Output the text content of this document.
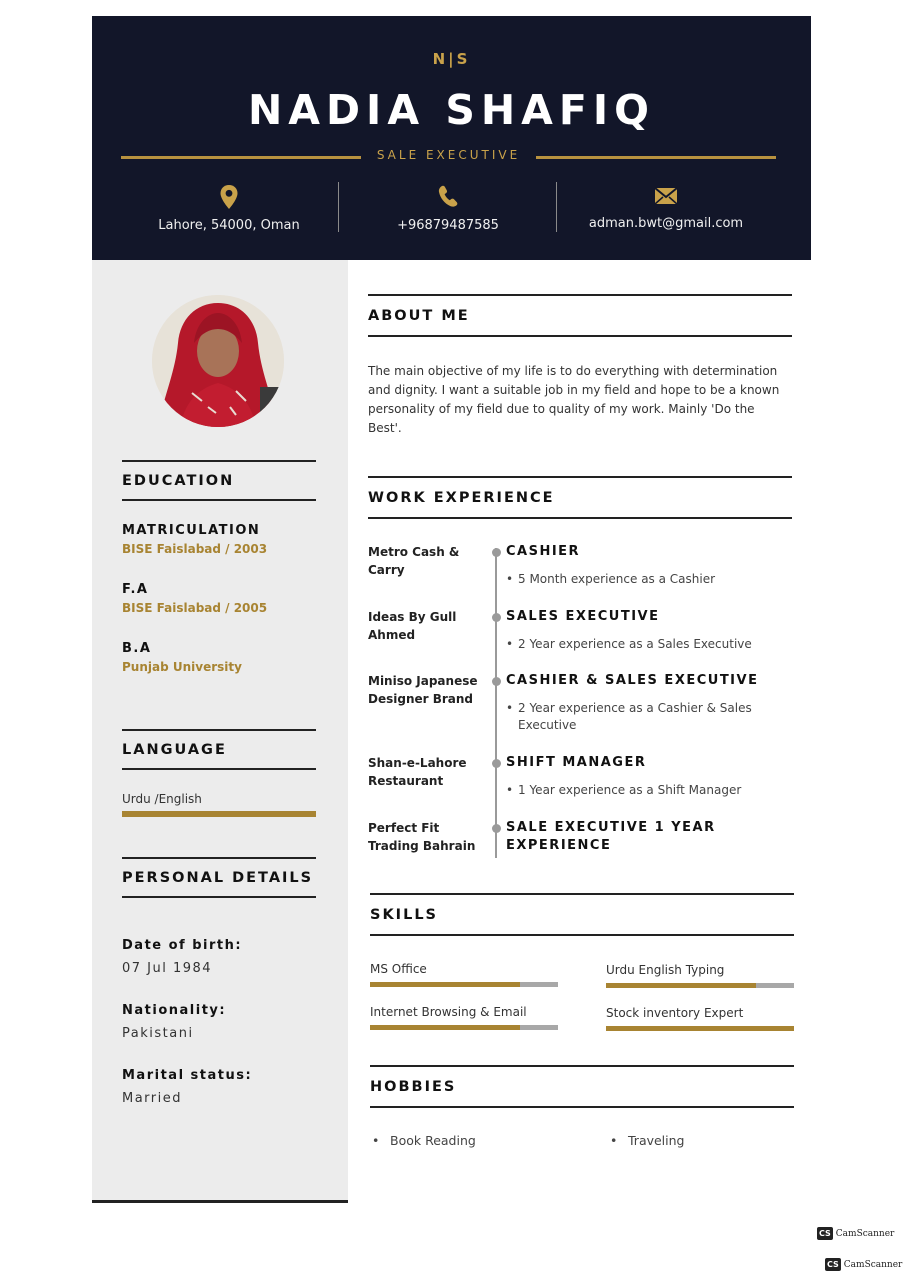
N|S
NADIA SHAFIQ
SALE EXECUTIVE
Lahore, 54000, Oman	+96879487585	adman.bwt@gmail.com
EDUCATION
MATRICULATION
BISE Faislabad / 2003
F.A
BISE Faislabad / 2005
B.A
Punjab University
LANGUAGE
Urdu /English
PERSONAL DETAILS
Date of birth:
07 Jul 1984
Nationality:
Pakistani
Marital status:
Married
ABOUT ME
The main objective of my life is to do everything with determination and dignity. I want a suitable job in my field and hope to be a known personality of my field due to quality of my work. Mainly 'Do the Best'.
WORK EXPERIENCE
Metro Cash & Carry
CASHIER
• 5 Month experience as a Cashier
Ideas By Gull Ahmed
SALES EXECUTIVE
• 2 Year experience as a Sales Executive
Miniso Japanese Designer Brand
CASHIER & SALES EXECUTIVE
• 2 Year experience as a Cashier & Sales Executive
Shan-e-Lahore Restaurant
SHIFT MANAGER
• 1 Year experience as a Shift Manager
Perfect Fit Trading Bahrain
SALE EXECUTIVE 1 YEAR EXPERIENCE
SKILLS
MS Office	Urdu English Typing
Internet Browsing & Email	Stock inventory Expert
HOBBIES
• Book Reading
•	Traveling
CS CamScanner
CS CamScanner
